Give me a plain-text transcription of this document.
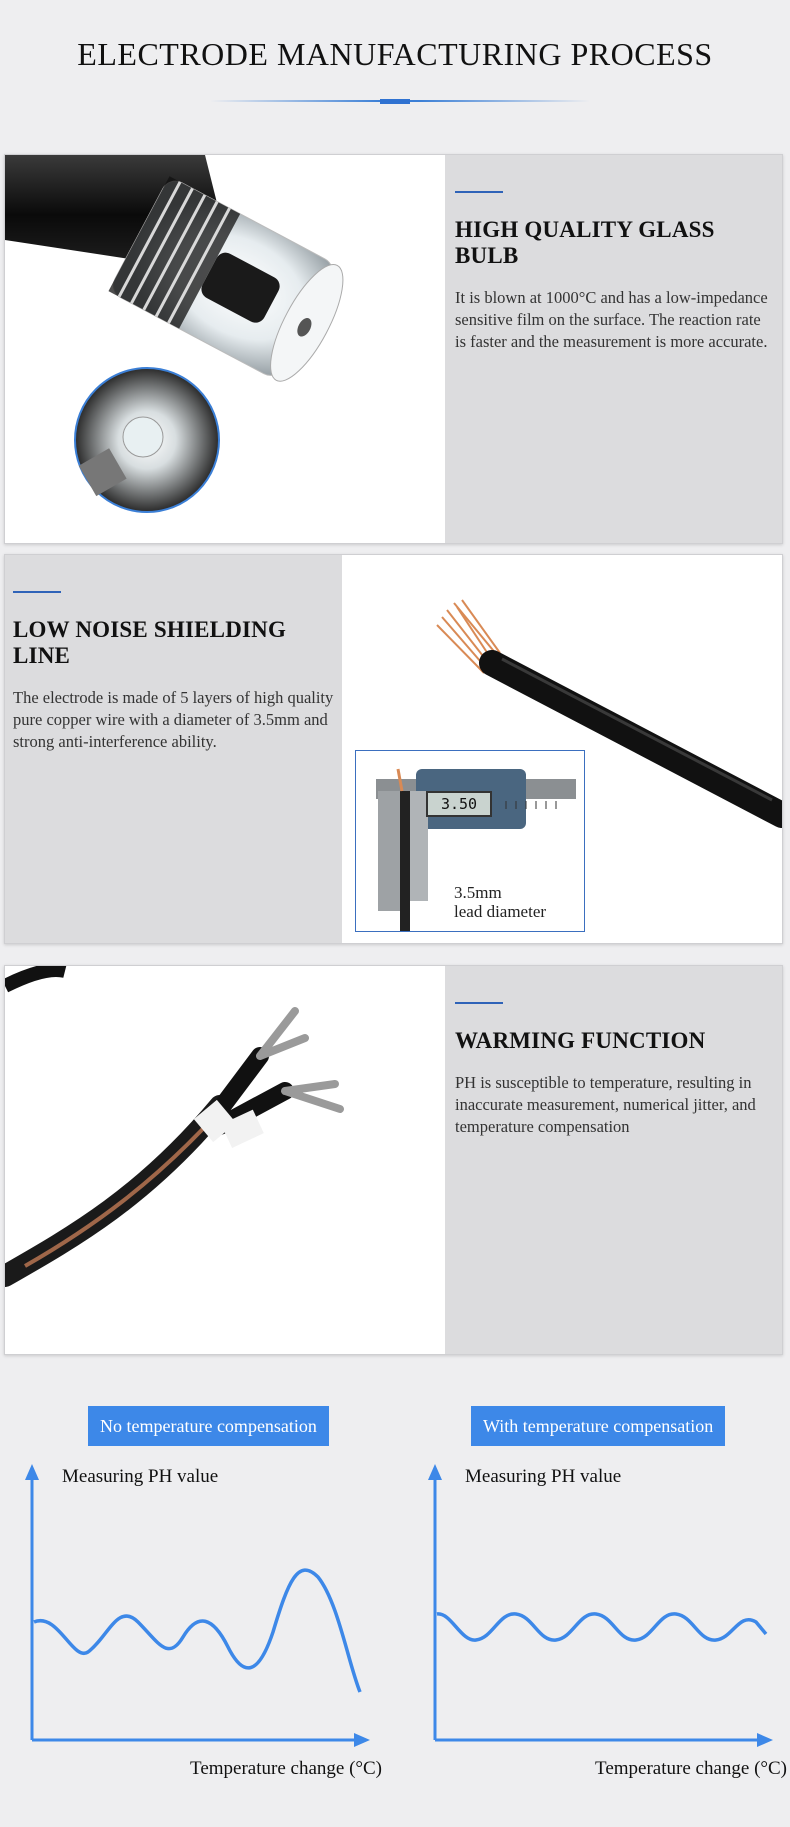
ELECTRODE MANUFACTURING PROCESS
HIGH QUALITY GLASS BULB

It is blown at 1000°C and has a low-impedance sensitive film on the surface. The reaction rate is faster and the measurement is more accurate.

LOW NOISE SHIELDING LINE

The electrode is made of 5 layers of high quality pure copper wire with a diameter of 3.5mm and strong anti-interference ability.

3.50
3.5mm
lead diameter
WARMING FUNCTION

PH is susceptible to temperature, resulting in inaccurate measurement, numerical jitter, and temperature compensation

No temperature compensation	With temperature compensation
Measuring PH value
Temperature change (°C)
Measuring PH value
Temperature change (°C)
